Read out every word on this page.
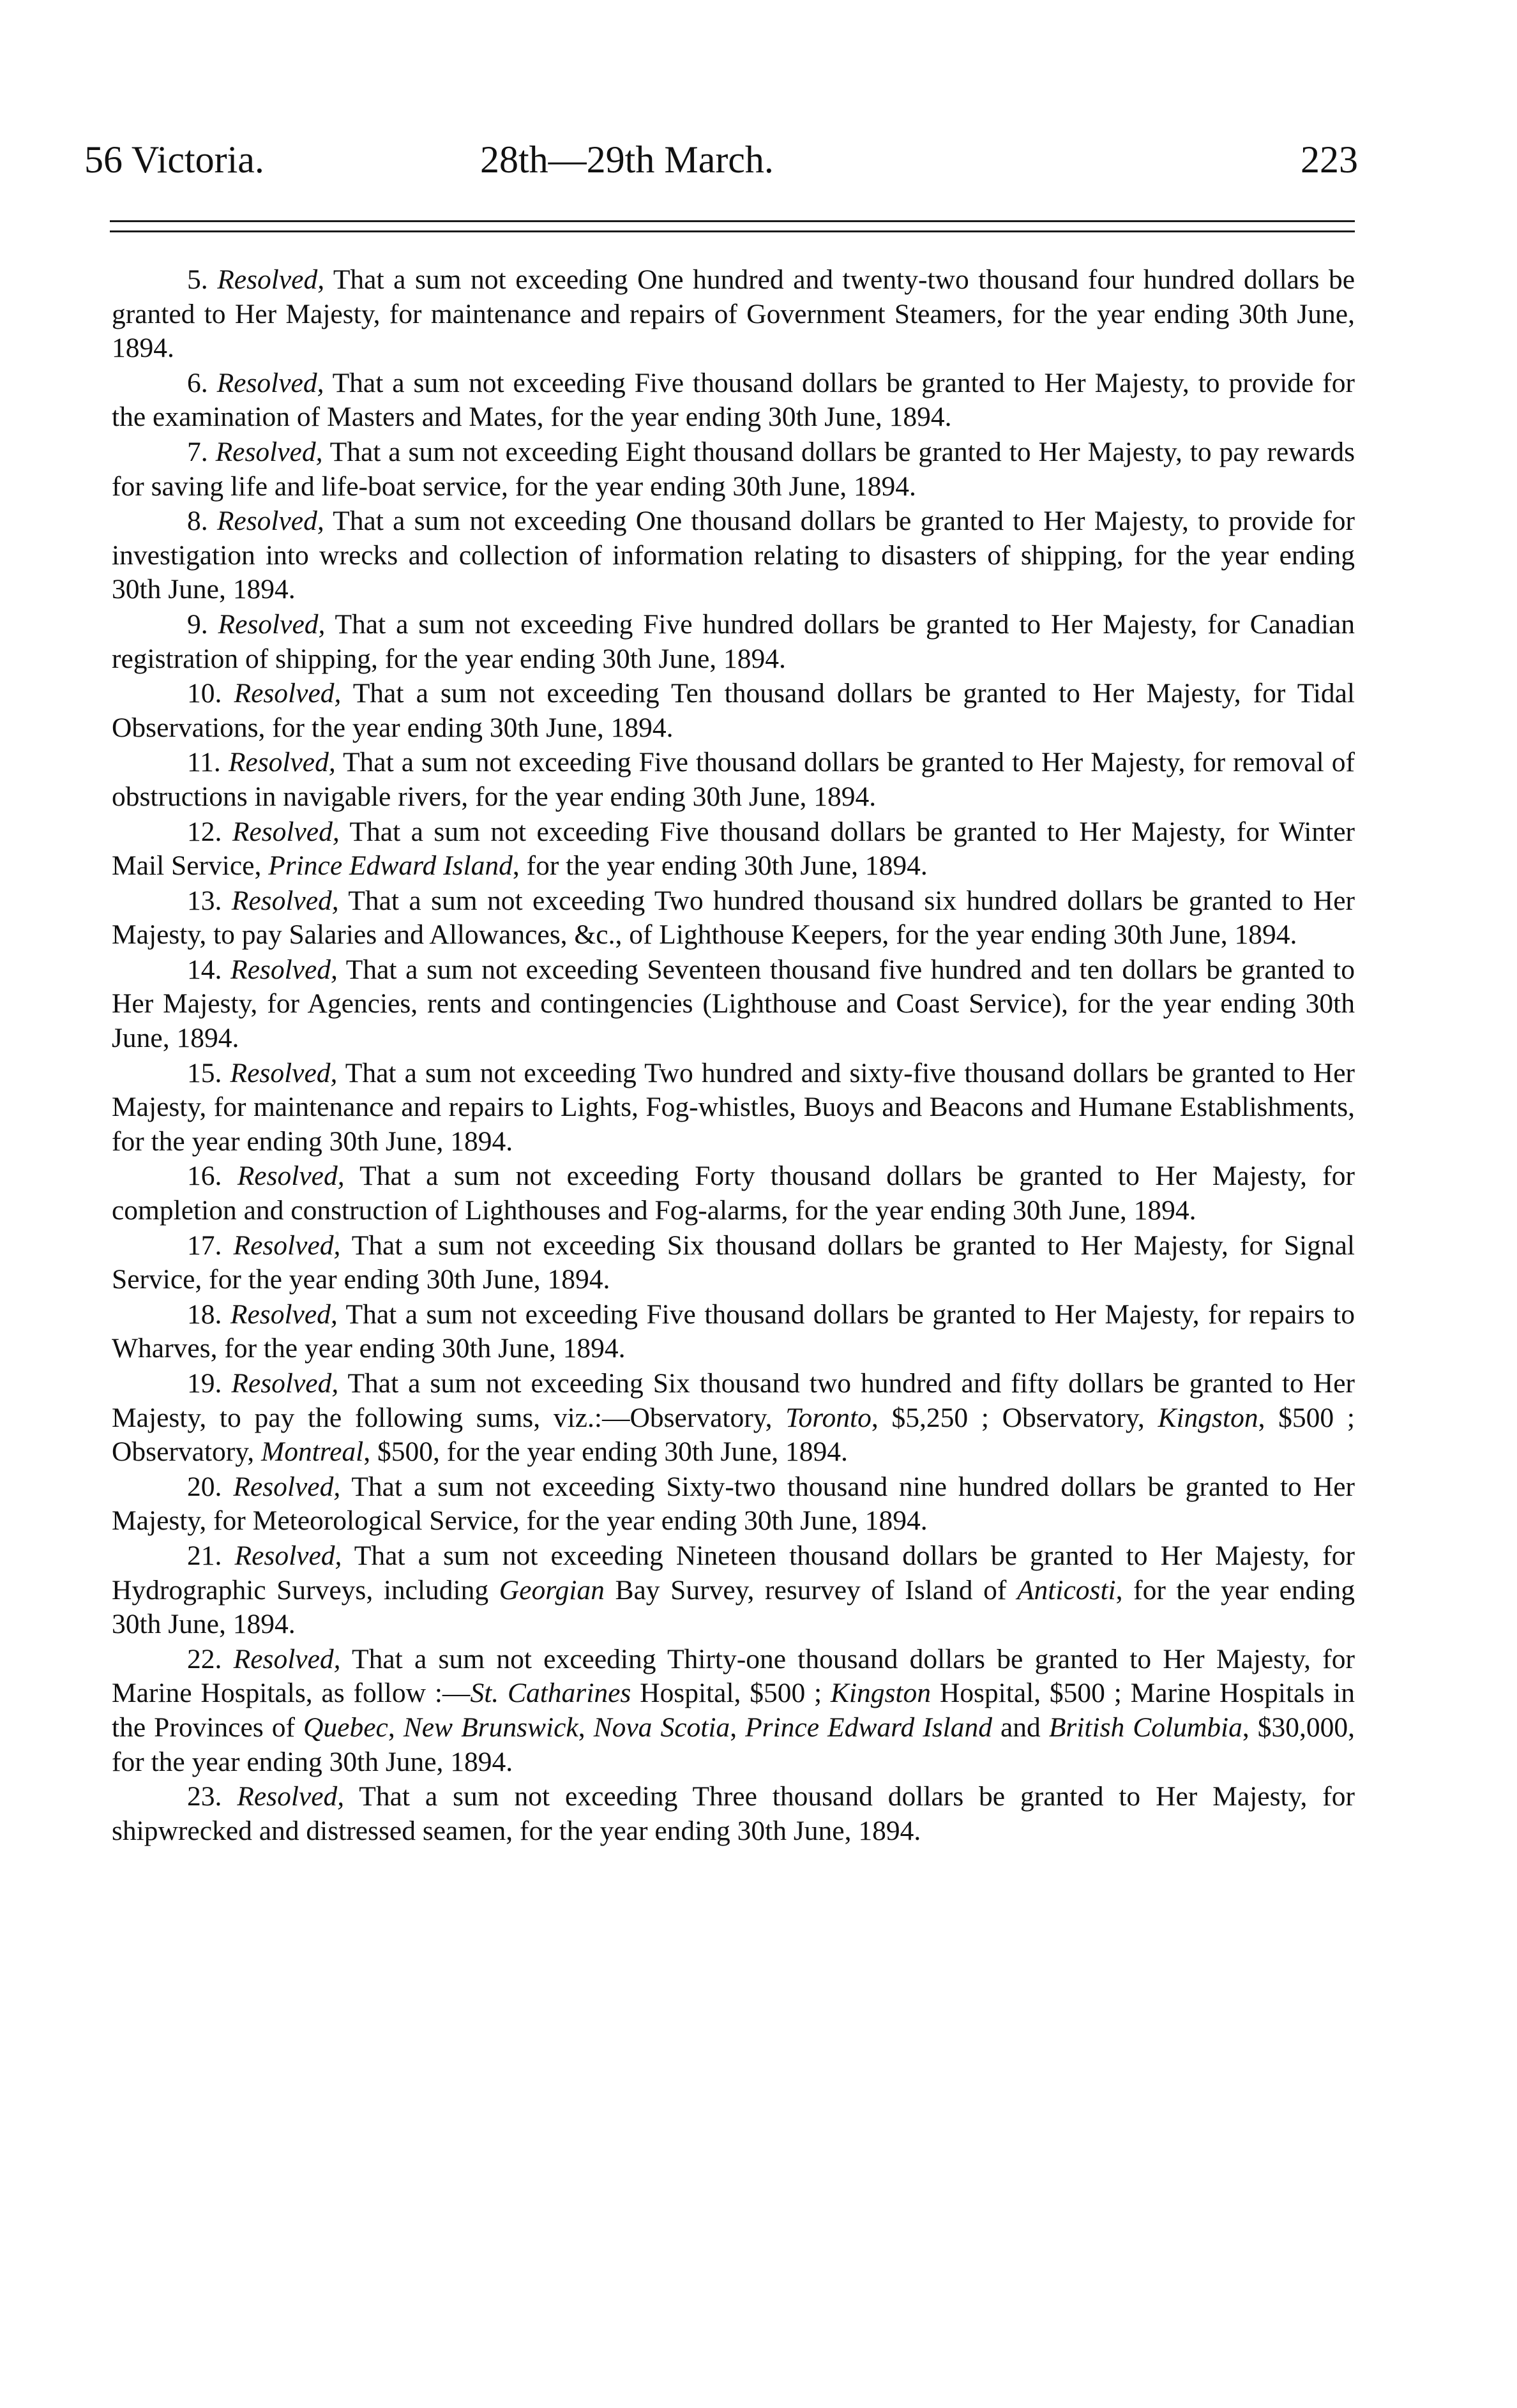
56 Victoria.	28th—29th March.	223

5. Resolved, That a sum not exceeding One hundred and twenty-two thousand four hundred dollars be granted to Her Majesty, for maintenance and repairs of Government Steamers, for the year ending 30th June, 1894.

6. Resolved, That a sum not exceeding Five thousand dollars be granted to Her Majesty, to provide for the examination of Masters and Mates, for the year ending 30th June, 1894.

7. Resolved, That a sum not exceeding Eight thousand dollars be granted to Her Majesty, to pay rewards for saving life and life-boat service, for the year ending 30th June, 1894.

8. Resolved, That a sum not exceeding One thousand dollars be granted to Her Majesty, to provide for investigation into wrecks and collection of information relating to disasters of shipping, for the year ending 30th June, 1894.

9. Resolved, That a sum not exceeding Five hundred dollars be granted to Her Majesty, for Canadian registration of shipping, for the year ending 30th June, 1894.

10. Resolved, That a sum not exceeding Ten thousand dollars be granted to Her Majesty, for Tidal Observations, for the year ending 30th June, 1894.

11. Resolved, That a sum not exceeding Five thousand dollars be granted to Her Majesty, for removal of obstructions in navigable rivers, for the year ending 30th June, 1894.

12. Resolved, That a sum not exceeding Five thousand dollars be granted to Her Majesty, for Winter Mail Service, Prince Edward Island, for the year ending 30th June, 1894.

13. Resolved, That a sum not exceeding Two hundred thousand six hundred dollars be granted to Her Majesty, to pay Salaries and Allowances, &c., of Lighthouse Keepers, for the year ending 30th June, 1894.

14. Resolved, That a sum not exceeding Seventeen thousand five hundred and ten dollars be granted to Her Majesty, for Agencies, rents and contingencies (Lighthouse and Coast Service), for the year ending 30th June, 1894.

15. Resolved, That a sum not exceeding Two hundred and sixty-five thousand dollars be granted to Her Majesty, for maintenance and repairs to Lights, Fog-whistles, Buoys and Beacons and Humane Establishments, for the year ending 30th June, 1894.

16. Resolved, That a sum not exceeding Forty thousand dollars be granted to Her Majesty, for completion and construction of Lighthouses and Fog-alarms, for the year ending 30th June, 1894.

17. Resolved, That a sum not exceeding Six thousand dollars be granted to Her Majesty, for Signal Service, for the year ending 30th June, 1894.

18. Resolved, That a sum not exceeding Five thousand dollars be granted to Her Majesty, for repairs to Wharves, for the year ending 30th June, 1894.

19. Resolved, That a sum not exceeding Six thousand two hundred and fifty dollars be granted to Her Majesty, to pay the following sums, viz.:—Observatory, Toronto, $5,250 ; Observatory, Kingston, $500 ; Observatory, Montreal, $500, for the year ending 30th June, 1894.

20. Resolved, That a sum not exceeding Sixty-two thousand nine hundred dollars be granted to Her Majesty, for Meteorological Service, for the year ending 30th June, 1894.

21. Resolved, That a sum not exceeding Nineteen thousand dollars be granted to Her Majesty, for Hydrographic Surveys, including Georgian Bay Survey, resurvey of Island of Anticosti, for the year ending 30th June, 1894.

22. Resolved, That a sum not exceeding Thirty-one thousand dollars be granted to Her Majesty, for Marine Hospitals, as follow :—St. Catharines Hospital, $500 ; Kingston Hospital, $500 ; Marine Hospitals in the Provinces of Quebec, New Brunswick, Nova Scotia, Prince Edward Island and British Columbia, $30,000, for the year ending 30th June, 1894.

23. Resolved, That a sum not exceeding Three thousand dollars be granted to Her Majesty, for shipwrecked and distressed seamen, for the year ending 30th June, 1894.
